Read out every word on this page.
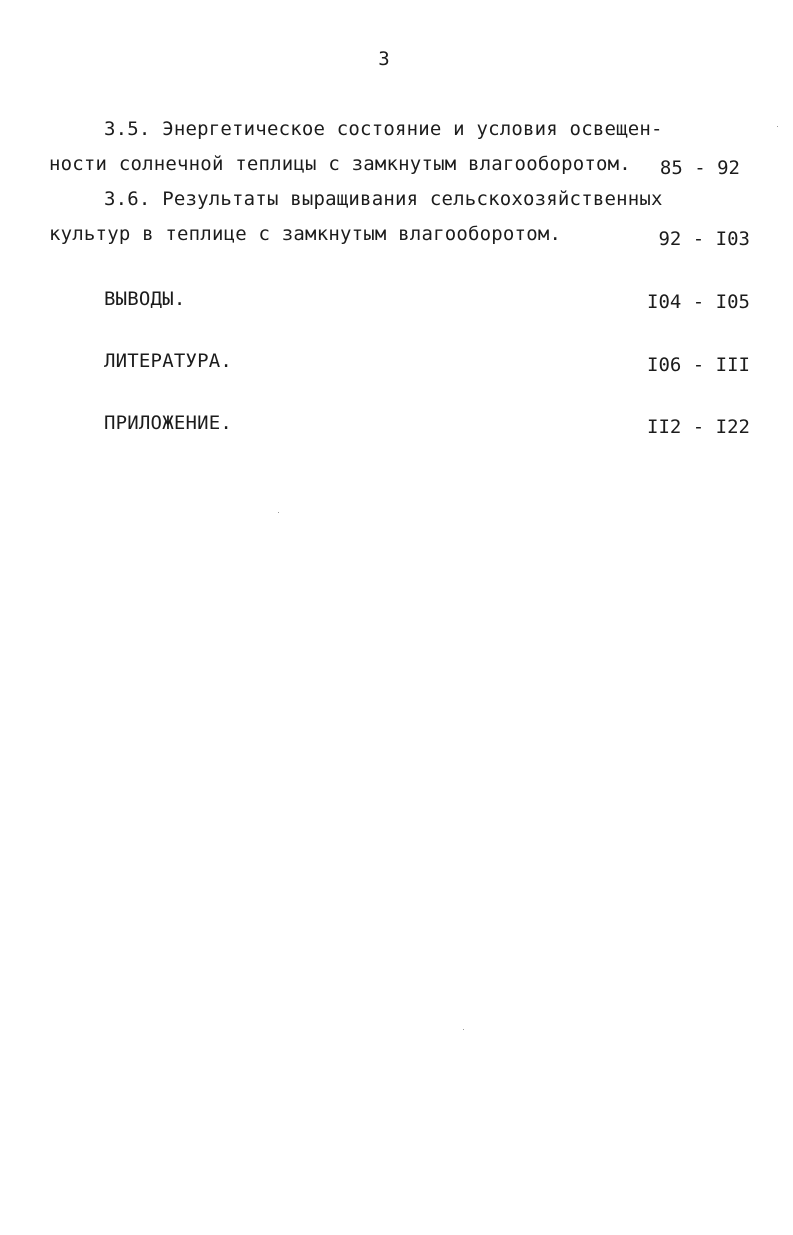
3
3.5. Энергетическое состояние и условия освещен-
ности солнечной теплицы с замкнутым влагооборотом. 85 - 92
3.6. Результаты выращивания сельскохозяйственных
культур в теплице с замкнутым влагооборотом.	92 - I03
ВЫВОДЫ.	I04 - I05
ЛИТЕРАТУРА.	I06 - III
ПРИЛОЖЕНИЕ.	II2 - I22
